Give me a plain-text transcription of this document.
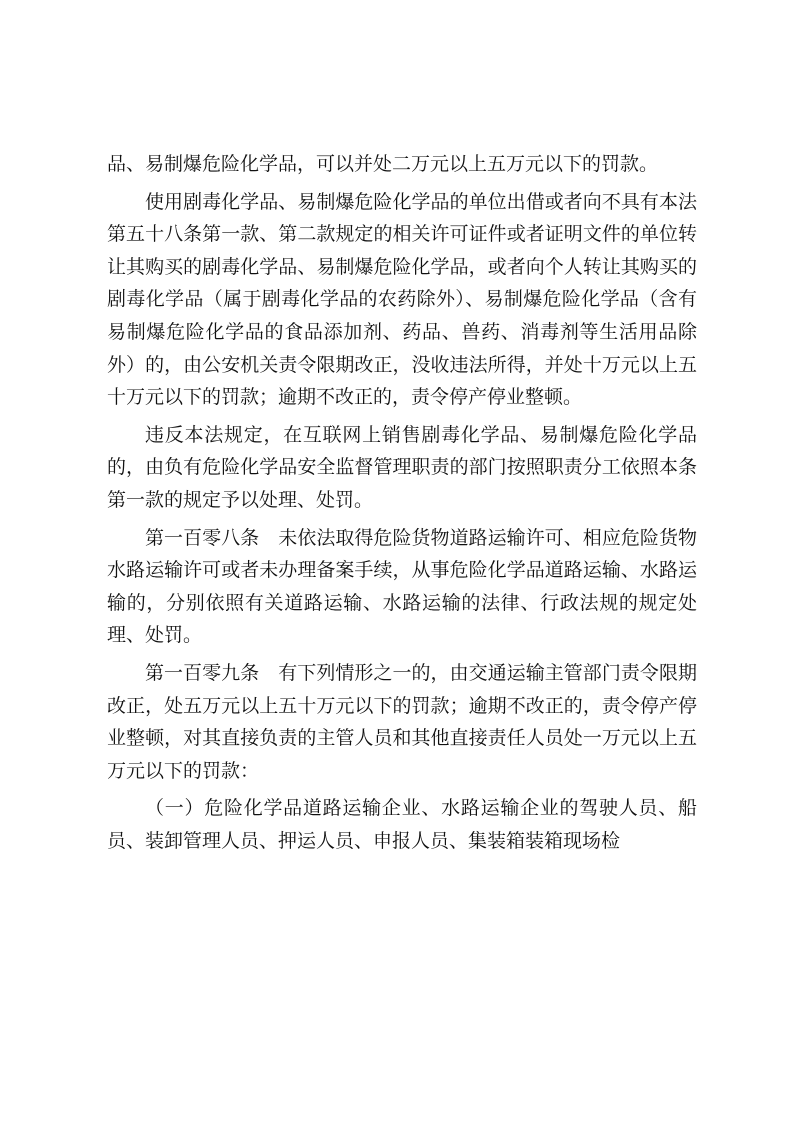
品、易制爆危险化学品，可以并处二万元以上五万元以下的罚款。

使用剧毒化学品、易制爆危险化学品的单位出借或者向不具有本法第五十八条第一款、第二款规定的相关许可证件或者证明文件的单位转让其购买的剧毒化学品、易制爆危险化学品，或者向个人转让其购买的剧毒化学品（属于剧毒化学品的农药除外）、易制爆危险化学品（含有易制爆危险化学品的食品添加剂、药品、兽药、消毒剂等生活用品除外）的，由公安机关责令限期改正，没收违法所得，并处十万元以上五十万元以下的罚款；逾期不改正的，责令停产停业整顿。

违反本法规定，在互联网上销售剧毒化学品、易制爆危险化学品的，由负有危险化学品安全监督管理职责的部门按照职责分工依照本条第一款的规定予以处理、处罚。

第一百零八条　未依法取得危险货物道路运输许可、相应危险货物水路运输许可或者未办理备案手续，从事危险化学品道路运输、水路运输的，分别依照有关道路运输、水路运输的法律、行政法规的规定处理、处罚。

第一百零九条　有下列情形之一的，由交通运输主管部门责令限期改正，处五万元以上五十万元以下的罚款；逾期不改正的，责令停产停业整顿，对其直接负责的主管人员和其他直接责任人员处一万元以上五万元以下的罚款：

（一）危险化学品道路运输企业、水路运输企业的驾驶人员、船员、装卸管理人员、押运人员、申报人员、集装箱装箱现场检
